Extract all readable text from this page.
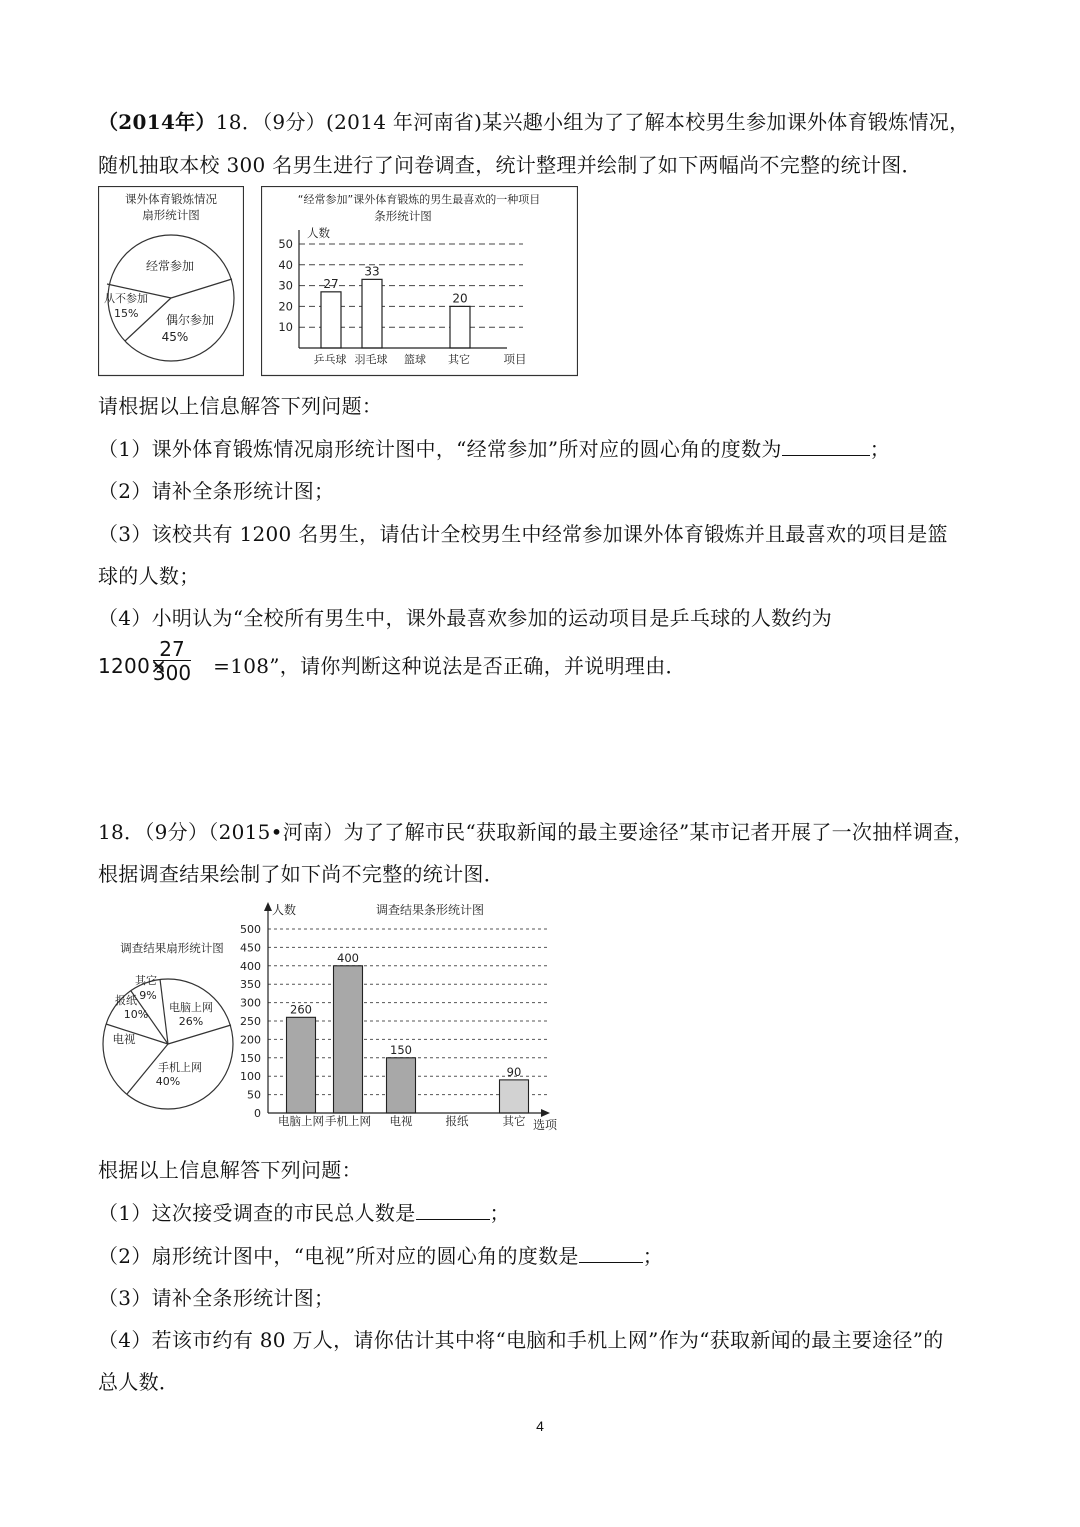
（2014年）18．（9分）(2014 年河南省)某兴趣小组为了了解本校男生参加课外体育锻炼情况，
随机抽取本校 300 名男生进行了问卷调查，统计整理并绘制了如下两幅尚不完整的统计图．
课外体育锻炼情况
扇形统计图
经常参加
从不参加
15% 偶尔参加
45%
“经常参加”课外体育锻炼的男生最喜欢的一种项目
条形统计图
27
33
20
10
20
30
40
50
乒乓球 羽毛球 篮球 其它
人数
项目
请根据以上信息解答下列问题：
（1）课外体育锻炼情况扇形统计图中，“经常参加”所对应的圆心角的度数为	；
（2）请补全条形统计图；
（3）该校共有 1200 名男生，请估计全校男生中经常参加课外体育锻炼并且最喜欢的项目是篮
球的人数；
（4）小明认为“全校所有男生中，课外最喜欢参加的运动项目是乒乓球的人数约为
1200× =108”，请你判断这种说法是否正确，并说明理由．
27
300
18．（9分）（2015•河南）为了了解市民“获取新闻的最主要途径”某市记者开展了一次抽样调查，
根据调查结果绘制了如下尚不完整的统计图．
调查结果扇形统计图
其它
9%
报纸
10%
电脑上网
26%
电视
手机上网
40%
调查结果条形统计图
人数
260
400
150
90
0
50
100
150
200
250
300
350
400
450
500
电脑上网 手机上网 电视	报纸	其它 选项
根据以上信息解答下列问题：
（1）这次接受调查的市民总人数是	；
（2）扇形统计图中，“电视”所对应的圆心角的度数是	；
（3）请补全条形统计图；
（4）若该市约有 80 万人，请你估计其中将“电脑和手机上网”作为“获取新闻的最主要途径”的
总人数．
4
